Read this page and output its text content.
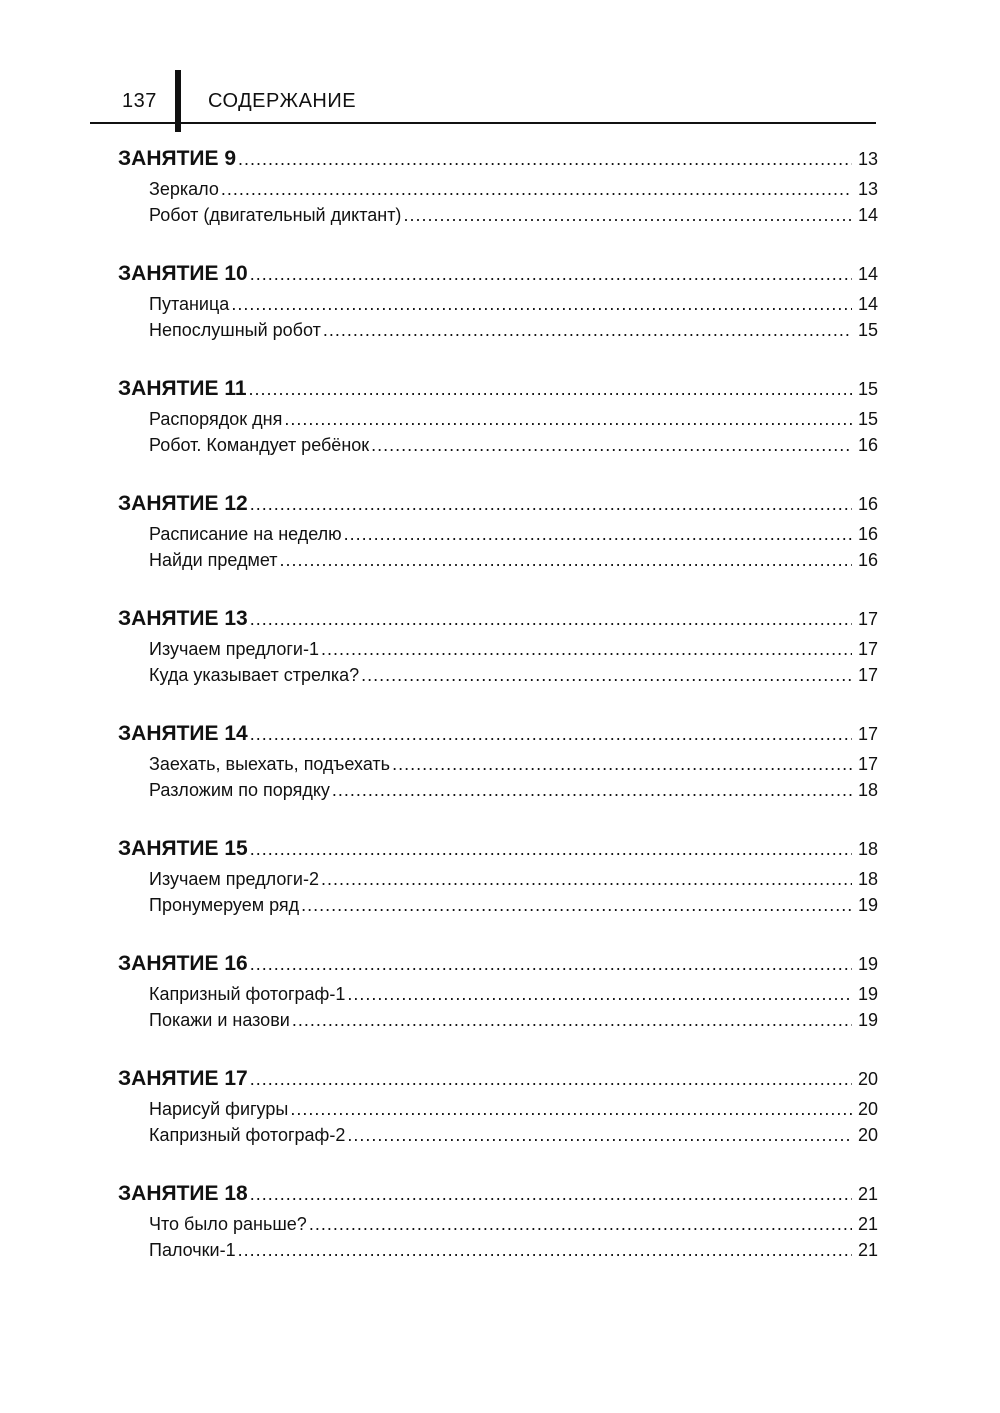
137	СОДЕРЖАНИЕ
ЗАНЯТИЕ 9 .....	13
Зеркало .....	13
Робот (двигательный диктант) .....	14
ЗАНЯТИЕ 10 .....	14
Путаница .....	14
Непослушный робот .....	15
ЗАНЯТИЕ 11 .....	15
Распорядок дня .....	15
Робот. Командует ребёнок .....	16
ЗАНЯТИЕ 12 .....	16
Расписание на неделю .....	16
Найди предмет .....	16
ЗАНЯТИЕ 13 .....	17
Изучаем предлоги-1 .....	17
Куда указывает стрелка? .....	17
ЗАНЯТИЕ 14 .....	17
Заехать, выехать, подъехать .....	17
Разложим по порядку .....	18
ЗАНЯТИЕ 15 .....	18
Изучаем предлоги-2 .....	18
Пронумеруем ряд .....	19
ЗАНЯТИЕ 16 .....	19
Капризный фотограф-1 .....	19
Покажи и назови .....	19
ЗАНЯТИЕ 17 .....	20
Нарисуй фигуры .....	20
Капризный фотограф-2 .....	20
ЗАНЯТИЕ 18 .....	21
Что было раньше? .....	21
Палочки-1 .....	21
